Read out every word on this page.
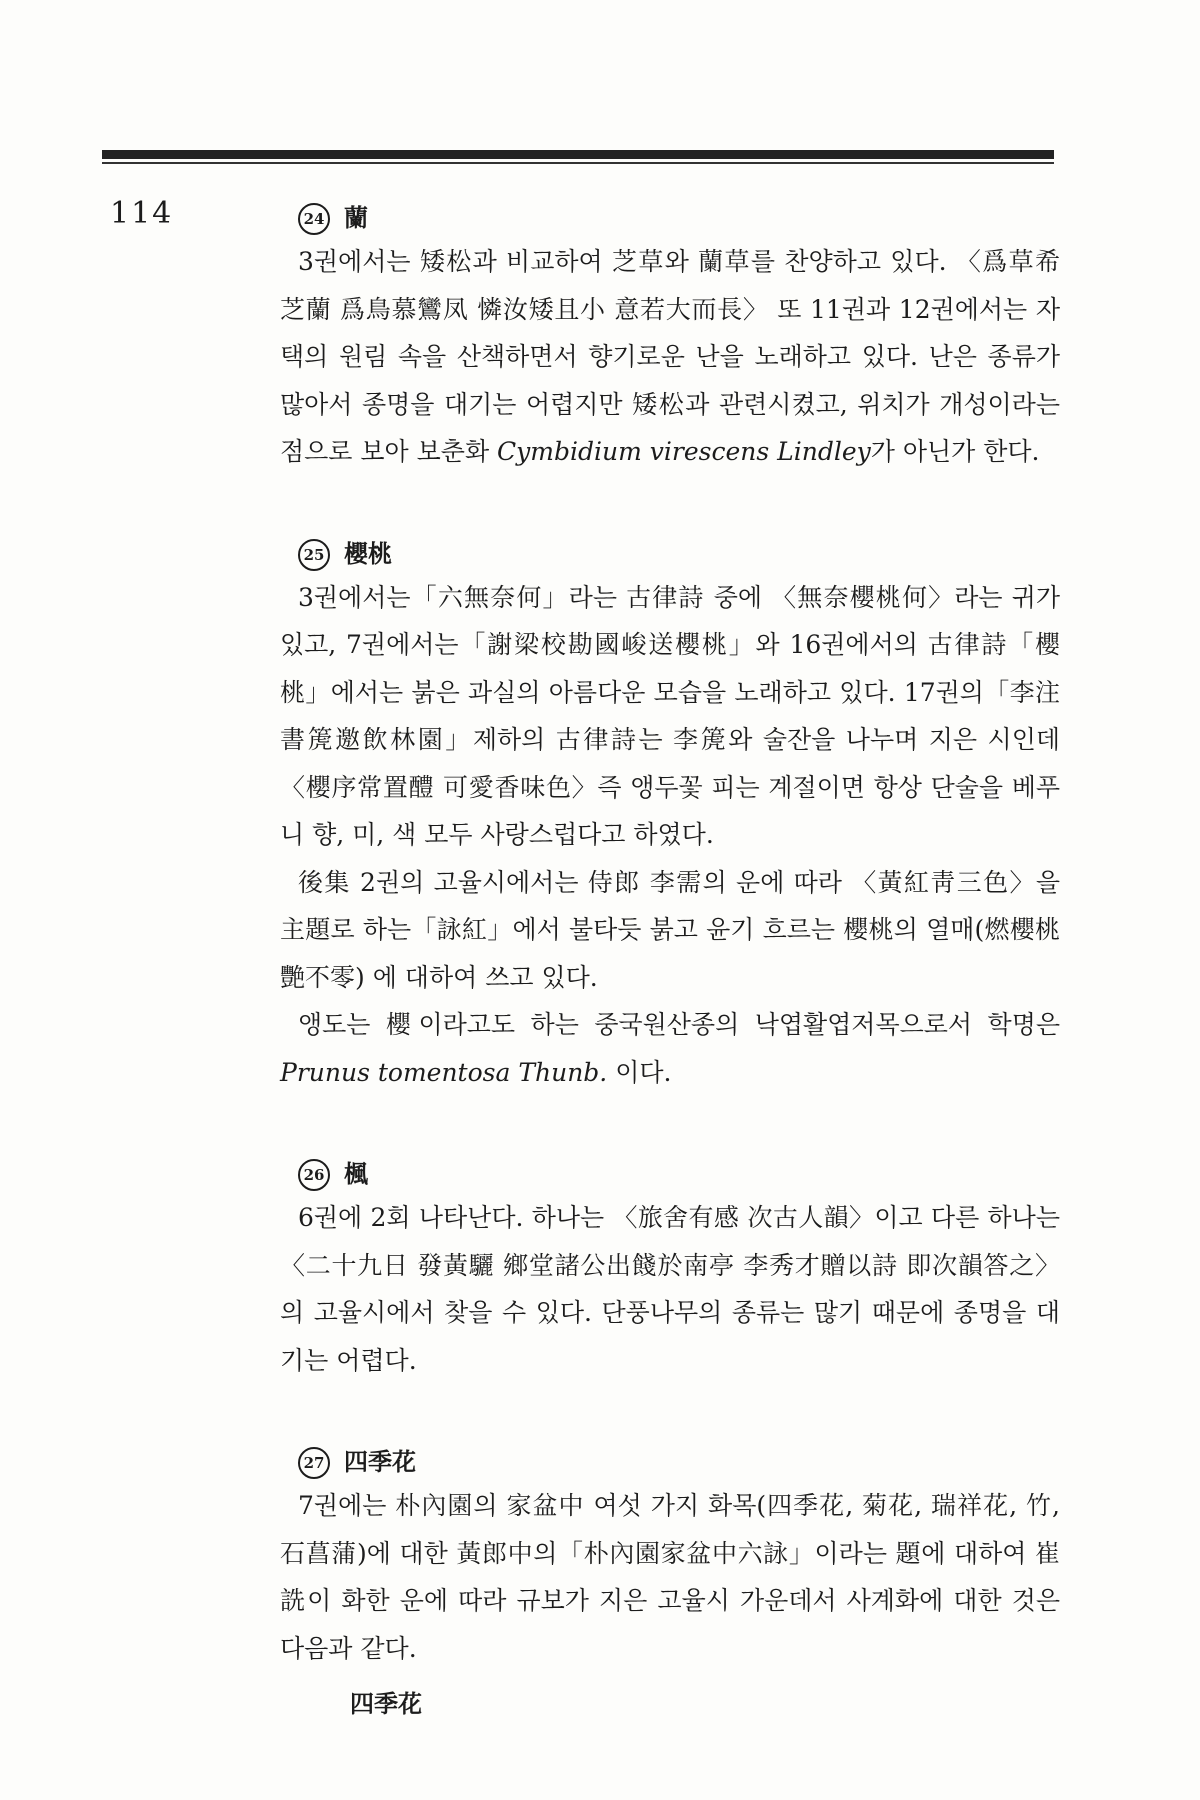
114	24 蘭

3권에서는 矮松과 비교하여 芝草와 蘭草를 찬양하고 있다. 〈爲草希芝蘭 爲鳥慕鸞凤 憐汝矮且小 意若大而長〉 또 11권과 12권에서는 자택의 원림 속을 산책하면서 향기로운 난을 노래하고 있다. 난은 종류가 많아서 종명을 대기는 어렵지만 矮松과 관련시켰고, 위치가 개성이라는 점으로 보아 보춘화 Cymbidium virescens Lindley가 아닌가 한다.

25 櫻桃

3권에서는「六無奈何」라는 古律詩 중에 〈無奈櫻桃何〉라는 귀가 있고, 7권에서는「謝梁校勘國峻送櫻桃」와 16권에서의 古律詩「櫻桃」에서는 붉은 과실의 아름다운 모습을 노래하고 있다. 17권의「李注書箎邀飲林園」제하의 古律詩는 李箎와 술잔을 나누며 지은 시인데 〈櫻序常置醴 可愛香味色〉즉 앵두꽃 피는 계절이면 항상 단술을 베푸니 향, 미, 색 모두 사랑스럽다고 하였다.

後集 2권의 고율시에서는 侍郎 李需의 운에 따라 〈黃紅靑三色〉을 主題로 하는「詠紅」에서 불타듯 붉고 윤기 흐르는 櫻桃의 열매(燃櫻桃艷不零) 에 대하여 쓰고 있다.

앵도는 櫻이라고도 하는 중국원산종의 낙엽활엽저목으로서 학명은 Prunus tomentosa Thunb. 이다.

26 楓

6권에 2회 나타난다. 하나는 〈旅舍有感 次古人韻〉이고 다른 하나는 〈二十九日 發黃驪 鄉堂諸公出餞於南亭 李秀才贈以詩 即次韻答之〉의 고율시에서 찾을 수 있다. 단풍나무의 종류는 많기 때문에 종명을 대기는 어렵다.

27 四季花

7권에는 朴內園의 家盆中 여섯 가지 화목(四季花, 菊花, 瑞祥花, 竹, 石菖蒲)에 대한 黃郎中의「朴內園家盆中六詠」이라는 題에 대하여 崔詵이 화한 운에 따라 규보가 지은 고율시 가운데서 사계화에 대한 것은 다음과 같다.

四季花
